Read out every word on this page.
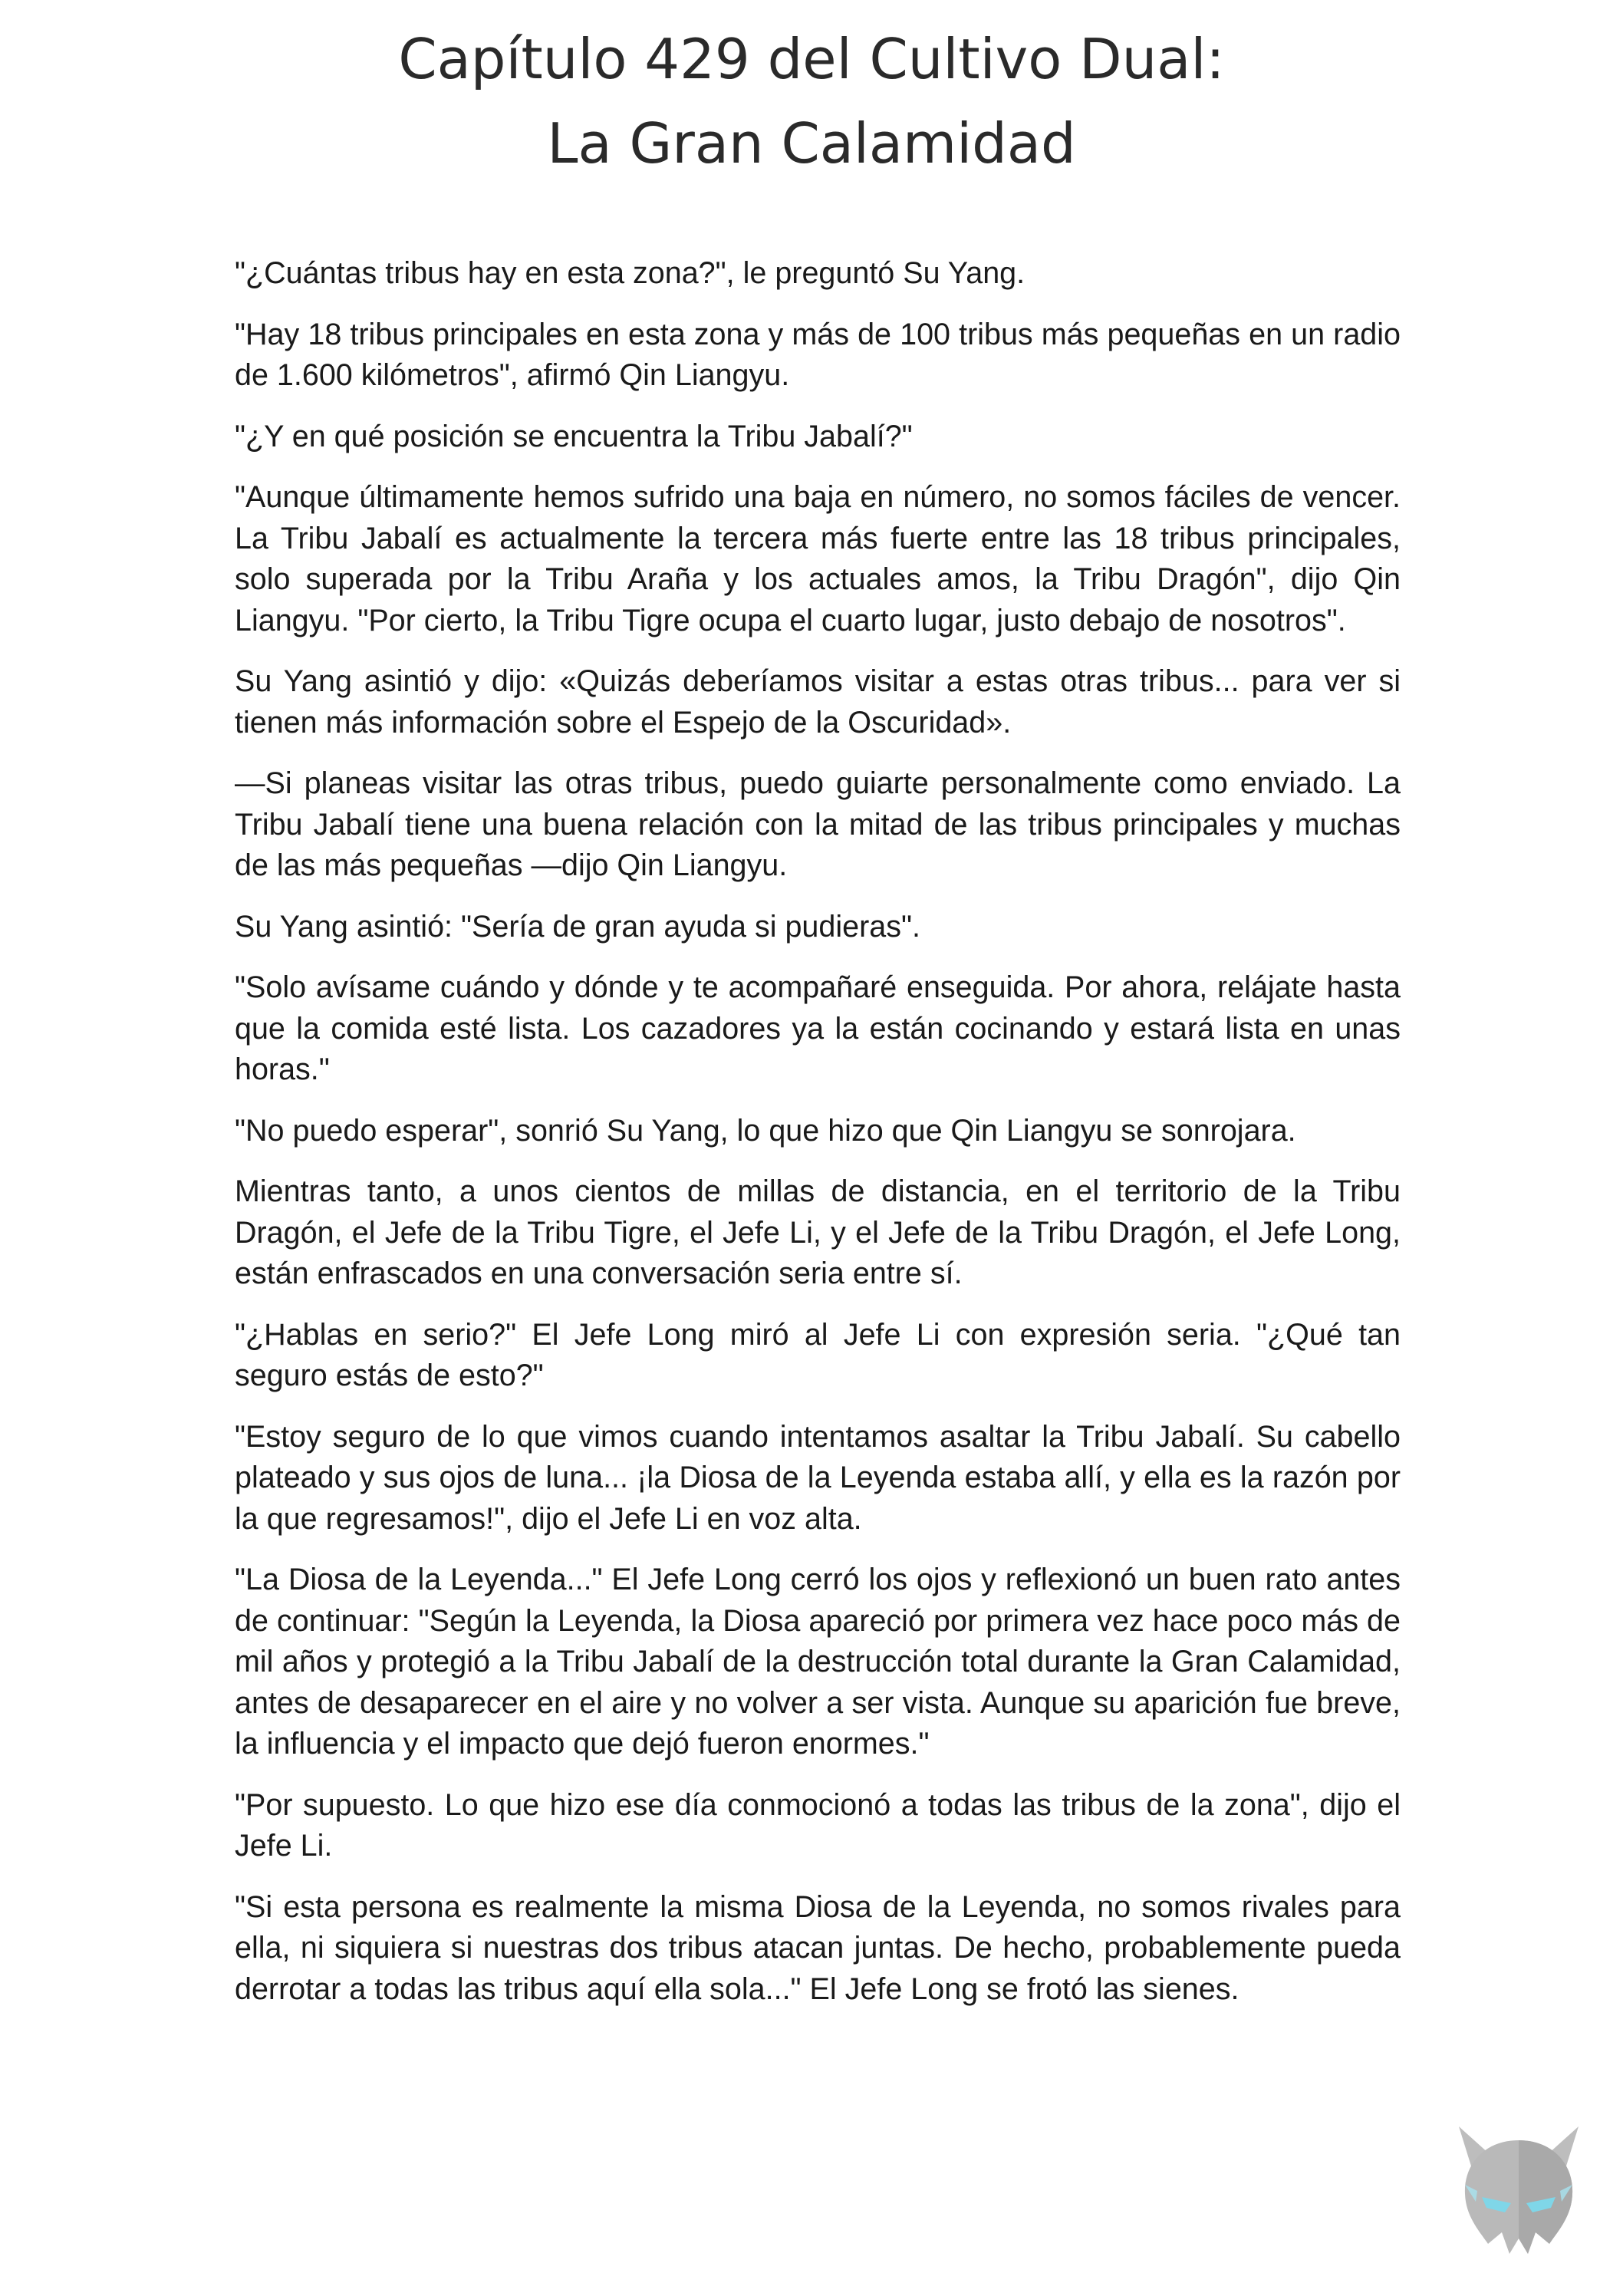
Capítulo 429 del Cultivo Dual:
La Gran Calamidad

"¿Cuántas tribus hay en esta zona?", le preguntó Su Yang.

"Hay 18 tribus principales en esta zona y más de 100 tribus más pequeñas en un radio de 1.600 kilómetros", afirmó Qin Liangyu.

"¿Y en qué posición se encuentra la Tribu Jabalí?"

"Aunque últimamente hemos sufrido una baja en número, no somos fáciles de vencer. La Tribu Jabalí es actualmente la tercera más fuerte entre las 18 tribus principales, solo superada por la Tribu Araña y los actuales amos, la Tribu Dragón", dijo Qin Liangyu. "Por cierto, la Tribu Tigre ocupa el cuarto lugar, justo debajo de nosotros".

Su Yang asintió y dijo: «Quizás deberíamos visitar a estas otras tribus... para ver si tienen más información sobre el Espejo de la Oscuridad».

—Si planeas visitar las otras tribus, puedo guiarte personalmente como enviado. La Tribu Jabalí tiene una buena relación con la mitad de las tribus principales y muchas de las más pequeñas —dijo Qin Liangyu.

Su Yang asintió: "Sería de gran ayuda si pudieras".

"Solo avísame cuándo y dónde y te acompañaré enseguida. Por ahora, relájate hasta que la comida esté lista. Los cazadores ya la están cocinando y estará lista en unas horas."

"No puedo esperar", sonrió Su Yang, lo que hizo que Qin Liangyu se sonrojara.

Mientras tanto, a unos cientos de millas de distancia, en el territorio de la Tribu Dragón, el Jefe de la Tribu Tigre, el Jefe Li, y el Jefe de la Tribu Dragón, el Jefe Long, están enfrascados en una conversación seria entre sí.

"¿Hablas en serio?" El Jefe Long miró al Jefe Li con expresión seria. "¿Qué tan seguro estás de esto?"

"Estoy seguro de lo que vimos cuando intentamos asaltar la Tribu Jabalí. Su cabello plateado y sus ojos de luna... ¡la Diosa de la Leyenda estaba allí, y ella es la razón por la que regresamos!", dijo el Jefe Li en voz alta.

"La Diosa de la Leyenda..." El Jefe Long cerró los ojos y reflexionó un buen rato antes de continuar: "Según la Leyenda, la Diosa apareció por primera vez hace poco más de mil años y protegió a la Tribu Jabalí de la destrucción total durante la Gran Calamidad, antes de desaparecer en el aire y no volver a ser vista. Aunque su aparición fue breve, la influencia y el impacto que dejó fueron enormes."

"Por supuesto. Lo que hizo ese día conmocionó a todas las tribus de la zona", dijo el Jefe Li.

"Si esta persona es realmente la misma Diosa de la Leyenda, no somos rivales para ella, ni siquiera si nuestras dos tribus atacan juntas. De hecho, probablemente pueda derrotar a todas las tribus aquí ella sola..." El Jefe Long se frotó las sienes.
